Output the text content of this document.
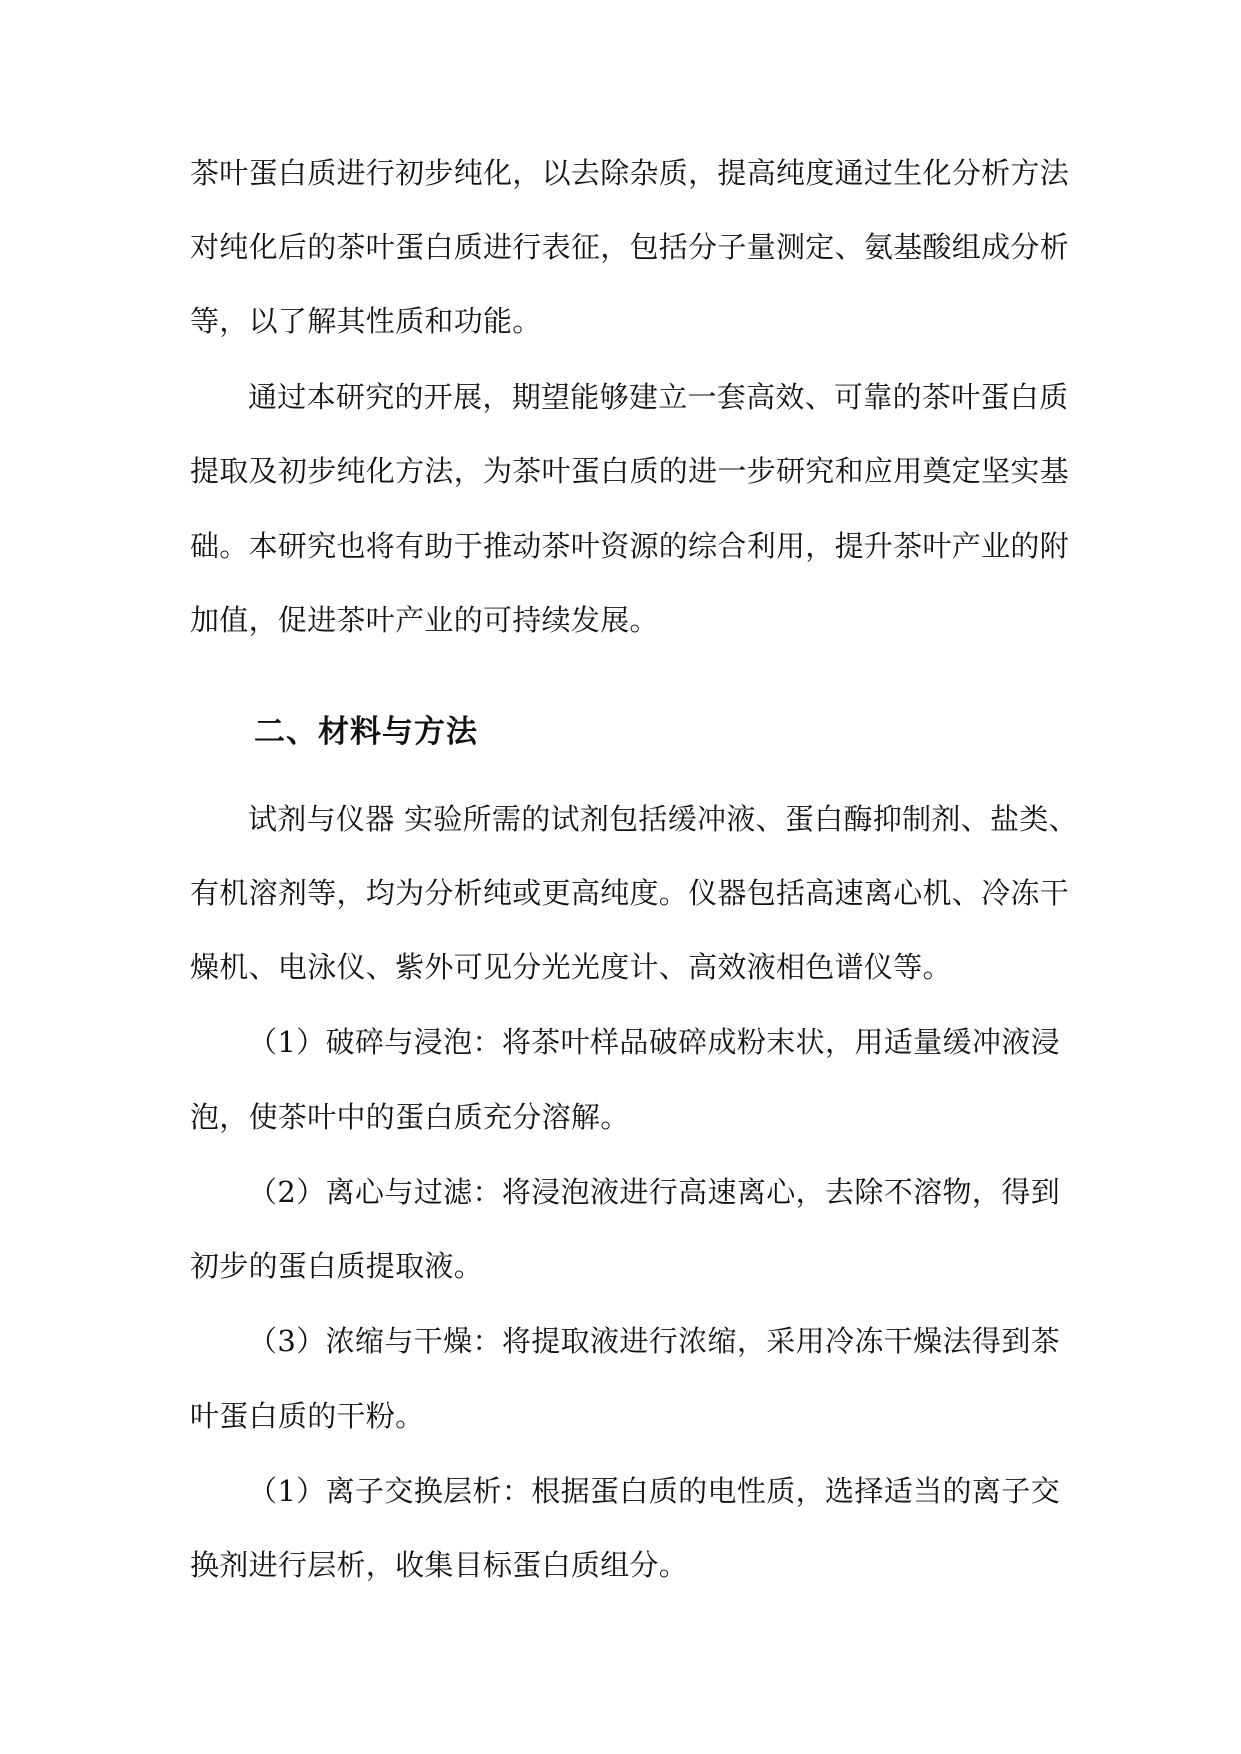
茶叶蛋白质进行初步纯化，以去除杂质，提高纯度通过生化分析方法
对纯化后的茶叶蛋白质进行表征，包括分子量测定、氨基酸组成分析
等，以了解其性质和功能。
通过本研究的开展，期望能够建立一套高效、可靠的茶叶蛋白质
提取及初步纯化方法，为茶叶蛋白质的进一步研究和应用奠定坚实基
础。本研究也将有助于推动茶叶资源的综合利用，提升茶叶产业的附
加值，促进茶叶产业的可持续发展。
二、材料与方法
试剂与仪器 实验所需的试剂包括缓冲液、蛋白酶抑制剂、盐类、
有机溶剂等，均为分析纯或更高纯度。仪器包括高速离心机、冷冻干
燥机、电泳仪、紫外可见分光光度计、高效液相色谱仪等。
（1）破碎与浸泡：将茶叶样品破碎成粉末状，用适量缓冲液浸
泡，使茶叶中的蛋白质充分溶解。
（2）离心与过滤：将浸泡液进行高速离心，去除不溶物，得到
初步的蛋白质提取液。
（3）浓缩与干燥：将提取液进行浓缩，采用冷冻干燥法得到茶
叶蛋白质的干粉。
（1）离子交换层析：根据蛋白质的电性质，选择适当的离子交
换剂进行层析，收集目标蛋白质组分。
